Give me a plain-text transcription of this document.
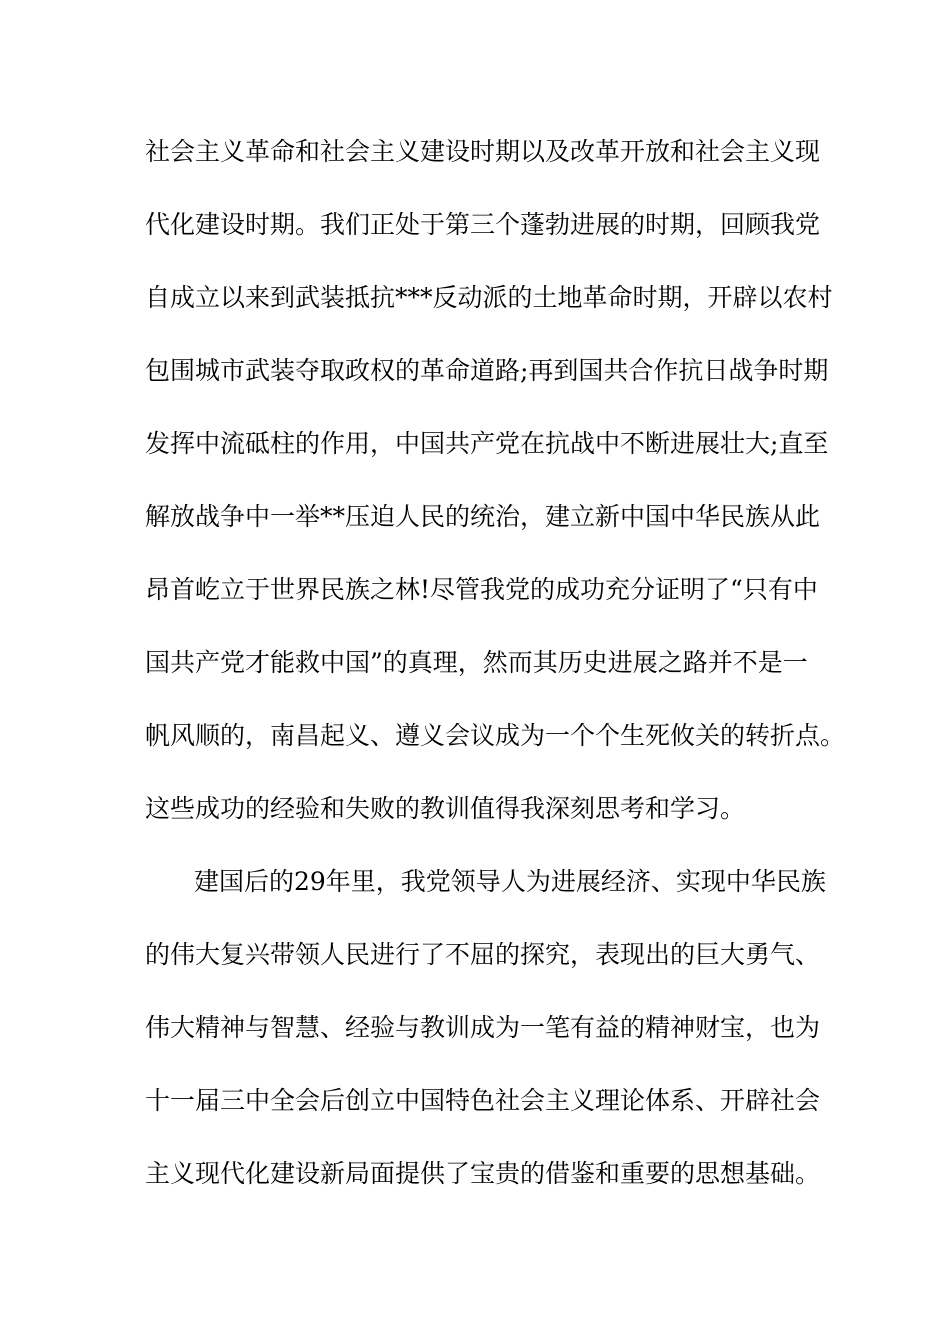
社会主义革命和社会主义建设时期以及改革开放和社会主义现
代化建设时期。我们正处于第三个蓬勃进展的时期，回顾我党
自成立以来到武装抵抗***反动派的土地革命时期，开辟以农村
包围城市武装夺取政权的革命道路;再到国共合作抗日战争时期
发挥中流砥柱的作用，中国共产党在抗战中不断进展壮大;直至
解放战争中一举**压迫人民的统治，建立新中国中华民族从此
昂首屹立于世界民族之林!尽管我党的成功充分证明了“只有中
国共产党才能救中国”的真理，然而其历史进展之路并不是一
帆风顺的，南昌起义、遵义会议成为一个个生死攸关的转折点。
这些成功的经验和失败的教训值得我深刻思考和学习。
建国后的29年里，我党领导人为进展经济、实现中华民族
的伟大复兴带领人民进行了不屈的探究，表现出的巨大勇气、
伟大精神与智慧、经验与教训成为一笔有益的精神财宝，也为
十一届三中全会后创立中国特色社会主义理论体系、开辟社会
主义现代化建设新局面提供了宝贵的借鉴和重要的思想基础。
